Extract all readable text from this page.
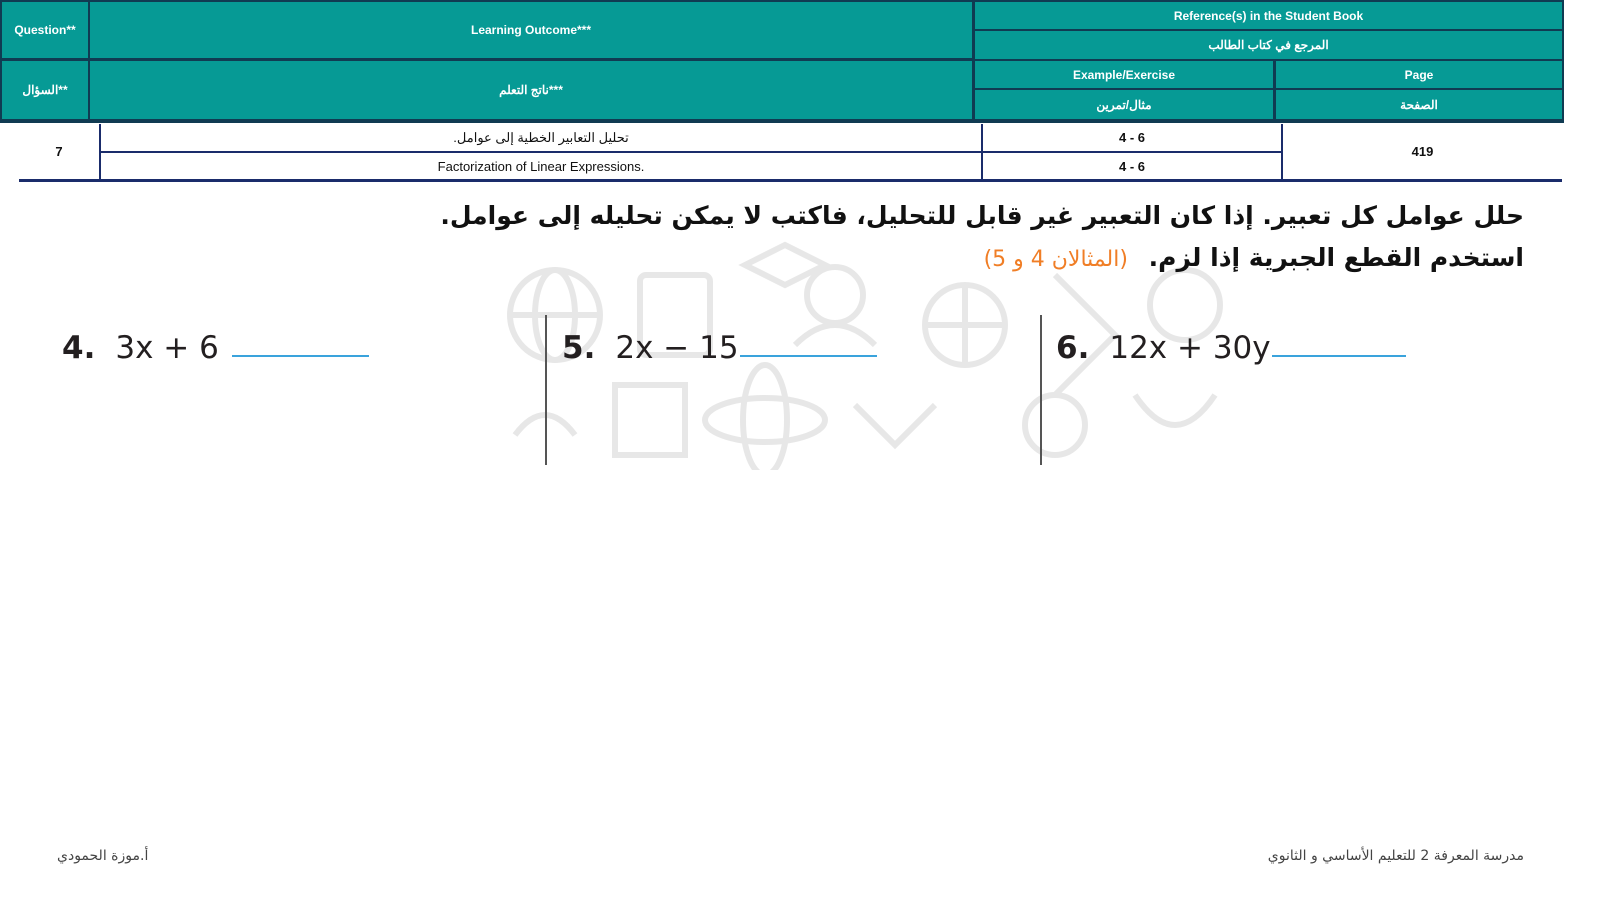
Question**
السؤال**
Learning Outcome***
ناتج التعلم***
Reference(s) in the Student Book
المرجع في كتاب الطالب
Example/Exercise
مثال/تمرين
Page
الصفحة
7
تحليل التعابير الخطية إلى عوامل.
Factorization of Linear Expressions.
4 - 6
4 - 6
419
حلل عوامل كل تعبير. إذا كان التعبير غير قابل للتحليل، فاكتب لا يمكن تحليله إلى عوامل.
استخدم القطع الجبرية إذا لزم. (المثالان 4 و 5)
4. 3x + 6	5. 2x − 15	6. 12x + 30y
مدرسة المعرفة 2 للتعليم الأساسي و الثانوي
أ.موزة الحمودي
